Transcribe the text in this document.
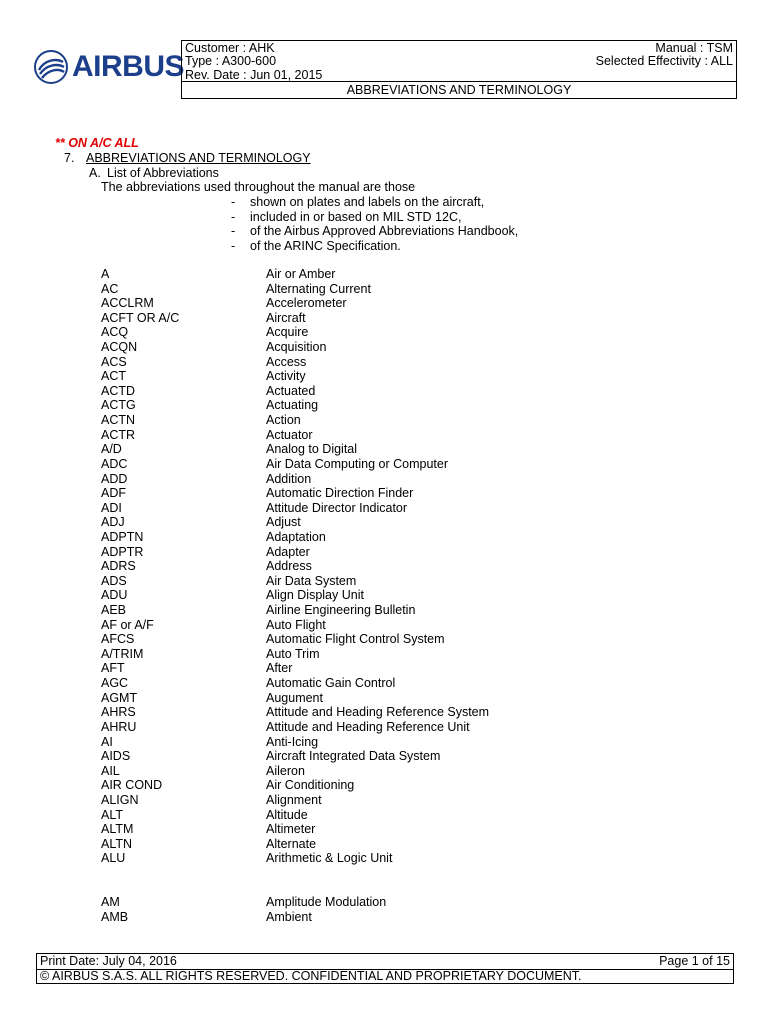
AIRBUS
Customer : AHK	Manual : TSM
Type : A300-600	Selected Effectivity : ALL
Rev. Date : Jun 01, 2015
ABBREVIATIONS AND TERMINOLOGY
** ON A/C ALL
7. ABBREVIATIONS AND TERMINOLOGY
A. List of Abbreviations
The abbreviations used throughout the manual are those
-	shown on plates and labels on the aircraft,
-	included in or based on MIL STD 12C,
-	of the Airbus Approved Abbreviations Handbook,
-	of the ARINC Specification.
A	Air or Amber
AC	Alternating Current
ACCLRM	Accelerometer
ACFT OR A/C	Aircraft
ACQ	Acquire
ACQN	Acquisition
ACS	Access
ACT	Activity
ACTD	Actuated
ACTG	Actuating
ACTN	Action
ACTR	Actuator
A/D	Analog to Digital
ADC	Air Data Computing or Computer
ADD	Addition
ADF	Automatic Direction Finder
ADI	Attitude Director Indicator
ADJ	Adjust
ADPTN	Adaptation
ADPTR	Adapter
ADRS	Address
ADS	Air Data System
ADU	Align Display Unit
AEB	Airline Engineering Bulletin
AF or A/F	Auto Flight
AFCS	Automatic Flight Control System
A/TRIM	Auto Trim
AFT	After
AGC	Automatic Gain Control
AGMT	Augument
AHRS	Attitude and Heading Reference System
AHRU	Attitude and Heading Reference Unit
AI	Anti-Icing
AIDS	Aircraft Integrated Data System
AIL	Aileron
AIR COND	Air Conditioning
ALIGN	Alignment
ALT	Altitude
ALTM	Altimeter
ALTN	Alternate
ALU	Arithmetic & Logic Unit
AM	Amplitude Modulation
AMB	Ambient
Print Date: July 04, 2016	Page 1 of 15
© AIRBUS S.A.S. ALL RIGHTS RESERVED. CONFIDENTIAL AND PROPRIETARY DOCUMENT.
